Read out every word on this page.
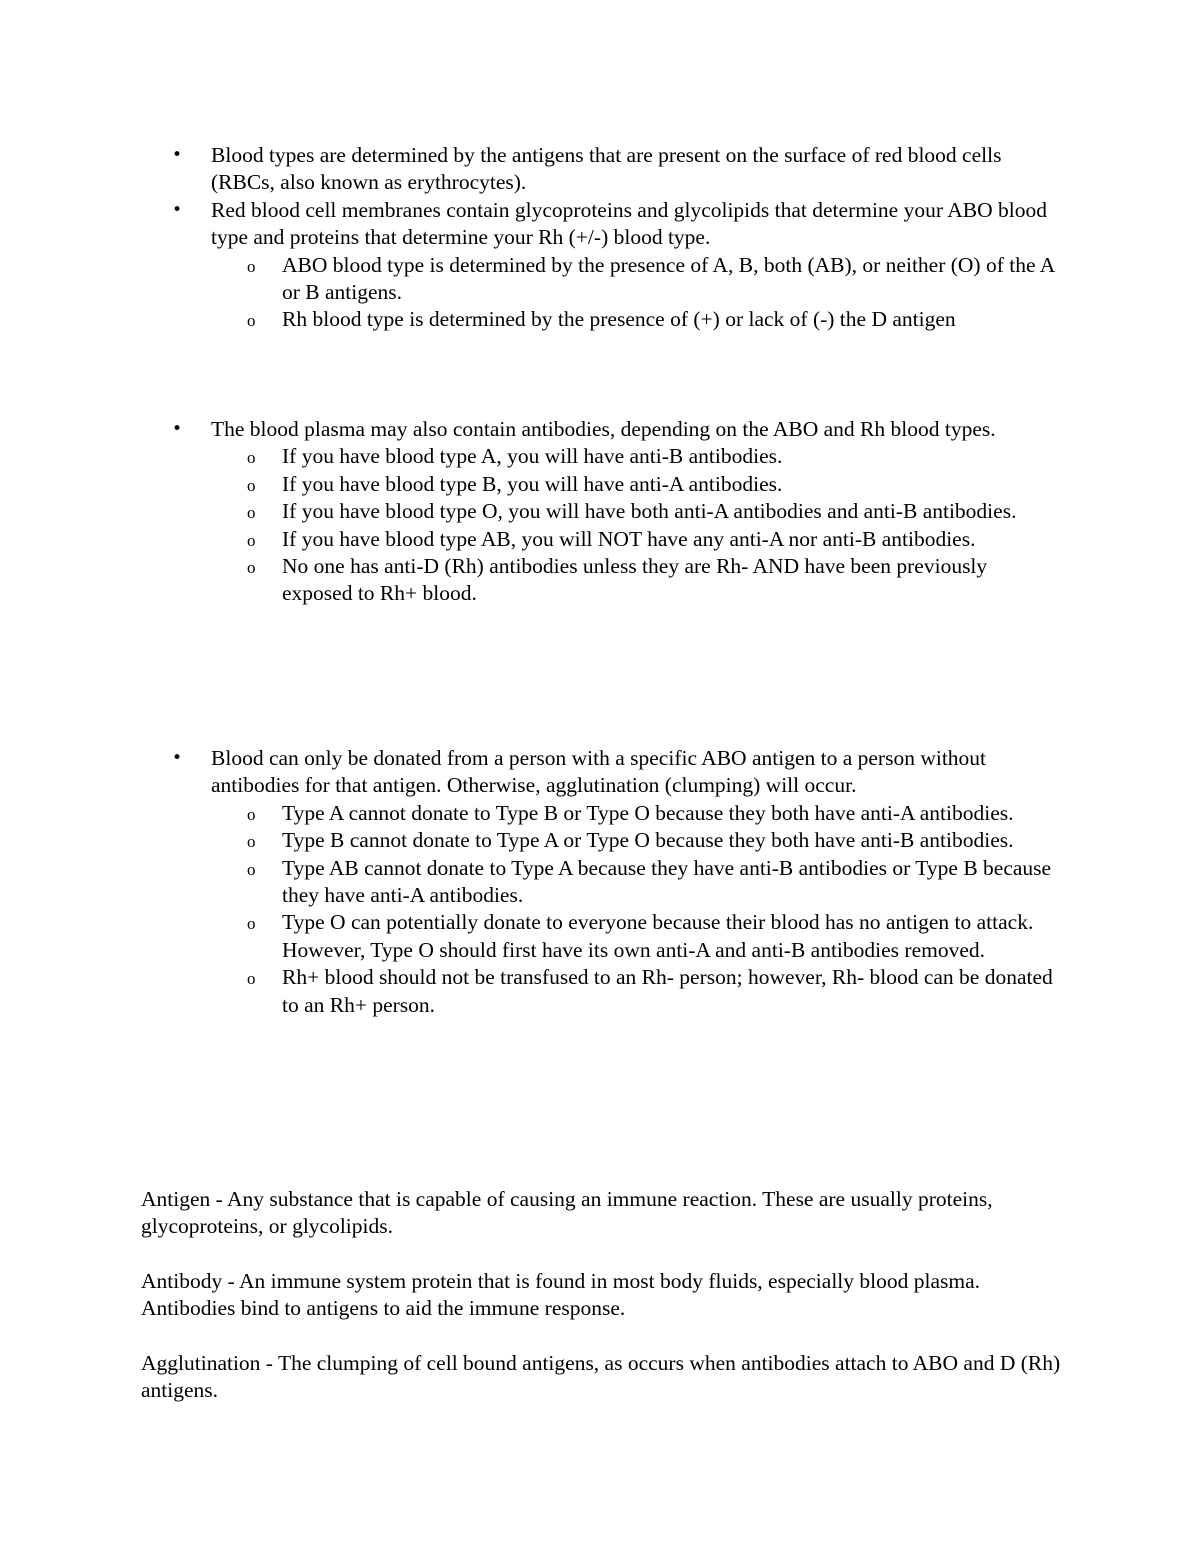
•	Blood types are determined by the antigens that are present on the surface of red blood cells (RBCs, also known as erythrocytes).
•	Red blood cell membranes contain glycoproteins and glycolipids that determine your ABO blood type and proteins that determine your Rh (+/-) blood type.
o ABO blood type is determined by the presence of A, B, both (AB), or neither (O) of the A or B antigens.
o Rh blood type is determined by the presence of (+) or lack of (-) the D antigen
•	The blood plasma may also contain antibodies, depending on the ABO and Rh blood types.
o If you have blood type A, you will have anti-B antibodies.
o If you have blood type B, you will have anti-A antibodies.
o If you have blood type O, you will have both anti-A antibodies and anti-B antibodies.
o If you have blood type AB, you will NOT have any anti-A nor anti-B antibodies.
o No one has anti-D (Rh) antibodies unless they are Rh- AND have been previously exposed to Rh+ blood.
•	Blood can only be donated from a person with a specific ABO antigen to a person without antibodies for that antigen. Otherwise, agglutination (clumping) will occur.
o Type A cannot donate to Type B or Type O because they both have anti-A antibodies.
o Type B cannot donate to Type A or Type O because they both have anti-B antibodies.
o Type AB cannot donate to Type A because they have anti-B antibodies or Type B because they have anti-A antibodies.
o Type O can potentially donate to everyone because their blood has no antigen to attack. However, Type O should first have its own anti-A and anti-B antibodies removed.
o Rh+ blood should not be transfused to an Rh- person; however, Rh- blood can be donated to an Rh+ person.

Antigen - Any substance that is capable of causing an immune reaction. These are usually proteins, glycoproteins, or glycolipids.

Antibody - An immune system protein that is found in most body fluids, especially blood plasma. Antibodies bind to antigens to aid the immune response.

Agglutination - The clumping of cell bound antigens, as occurs when antibodies attach to ABO and D (Rh) antigens.
